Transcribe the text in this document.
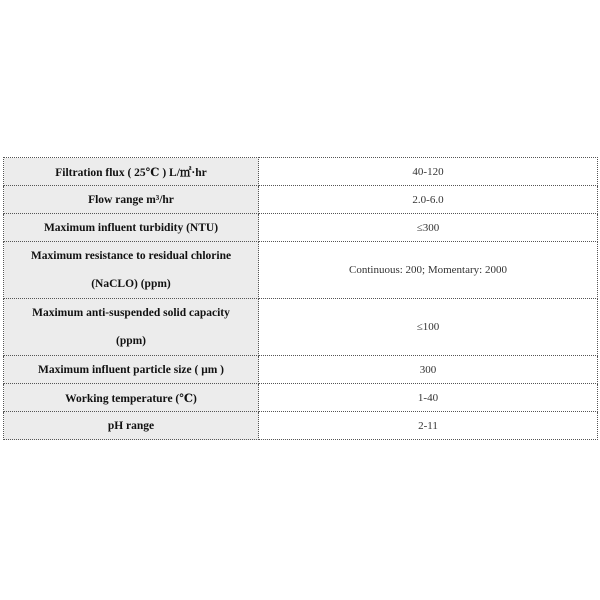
Filtration flux ( 25℃ ) L/㎡·hr	40-120
Flow range m³/hr	2.0-6.0
Maximum influent turbidity (NTU)	≤300

Maximum resistance to residual chlorine
(NaCLO) (ppm)	Continuous: 200; Momentary: 2000

Maximum anti-suspended solid capacity
(ppm)	≤100
Maximum influent particle size ( μm )	300
Working temperature (℃)	1-40
pH range	2-11
